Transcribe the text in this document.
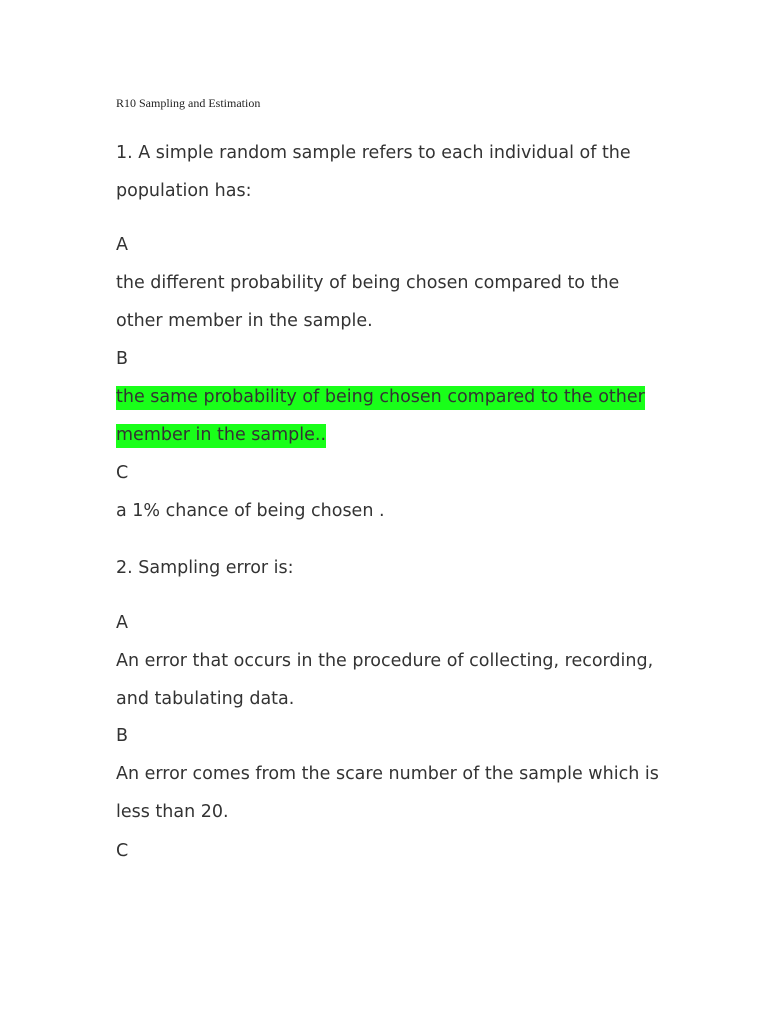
R10 Sampling and Estimation
1. A simple random sample refers to each individual of the
population has:
A
the different probability of being chosen compared to the
other member in the sample.
B
the same probability of being chosen compared to the other
member in the sample..
C
a 1% chance of being chosen .
2. Sampling error is:
A
An error that occurs in the procedure of collecting, recording,
and tabulating data.
B
An error comes from the scare number of the sample which is
less than 20.
C
